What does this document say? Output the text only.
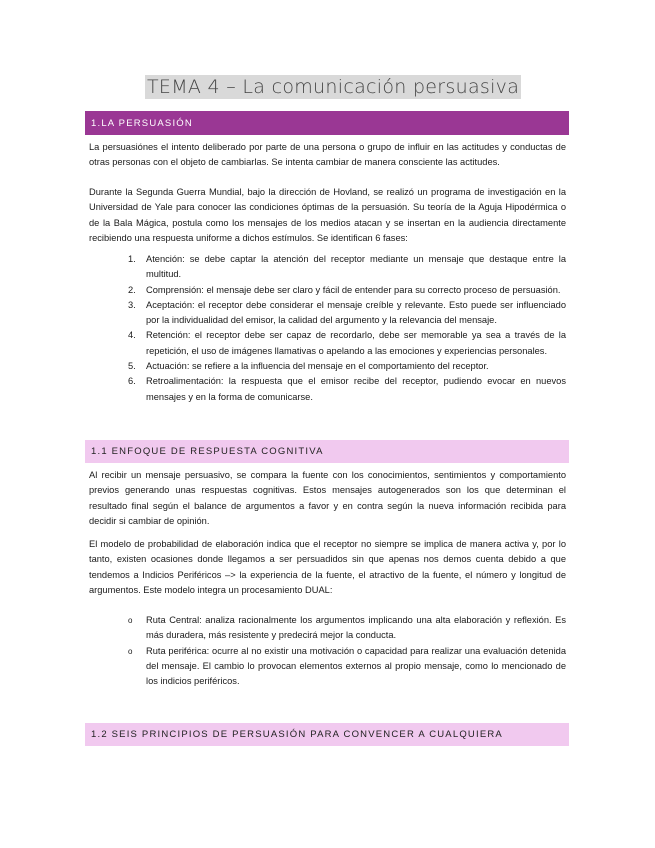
TEMA 4 – La comunicación persuasiva
1.LA PERSUASIÓN

La persuasiónes el intento deliberado por parte de una persona o grupo de influir en las actitudes y conductas de otras personas con el objeto de cambiarlas. Se intenta cambiar de manera consciente las actitudes.

Durante la Segunda Guerra Mundial, bajo la dirección de Hovland, se realizó un programa de investigación en la Universidad de Yale para conocer las condiciones óptimas de la persuasión. Su teoría de la Aguja Hipodérmica o de la Bala Mágica, postula como los mensajes de los medios atacan y se insertan en la audiencia directamente recibiendo una respuesta uniforme a dichos estímulos. Se identifican 6 fases:

1. Atención: se debe captar la atención del receptor mediante un mensaje que destaque entre la multitud.
2. Comprensión: el mensaje debe ser claro y fácil de entender para su correcto proceso de persuasión.
3. Aceptación: el receptor debe considerar el mensaje creíble y relevante. Esto puede ser influenciado por la individualidad del emisor, la calidad del argumento y la relevancia del mensaje.
4. Retención: el receptor debe ser capaz de recordarlo, debe ser memorable ya sea a través de la repetición, el uso de imágenes llamativas o apelando a las emociones y experiencias personales.
5. Actuación: se refiere a la influencia del mensaje en el comportamiento del receptor.
6. Retroalimentación: la respuesta que el emisor recibe del receptor, pudiendo evocar en nuevos mensajes y en la forma de comunicarse.
1.1 ENFOQUE DE RESPUESTA COGNITIVA

Al recibir un mensaje persuasivo, se compara la fuente con los conocimientos, sentimientos y comportamiento previos generando unas respuestas cognitivas. Estos mensajes autogenerados son los que determinan el resultado final según el balance de argumentos a favor y en contra según la nueva información recibida para decidir si cambiar de opinión.

El modelo de probabilidad de elaboración indica que el receptor no siempre se implica de manera activa y, por lo tanto, existen ocasiones donde llegamos a ser persuadidos sin que apenas nos demos cuenta debido a que tendemos a Indicios Periféricos –> la experiencia de la fuente, el atractivo de la fuente, el número y longitud de argumentos. Este modelo integra un procesamiento DUAL:

o Ruta Central: analiza racionalmente los argumentos implicando una alta elaboración y reflexión. Es más duradera, más resistente y predecirá mejor la conducta.
o Ruta periférica: ocurre al no existir una motivación o capacidad para realizar una evaluación detenida del mensaje. El cambio lo provocan elementos externos al propio mensaje, como lo mencionado de los indicios periféricos.
1.2 SEIS PRINCIPIOS DE PERSUASIÓN PARA CONVENCER A CUALQUIERA
